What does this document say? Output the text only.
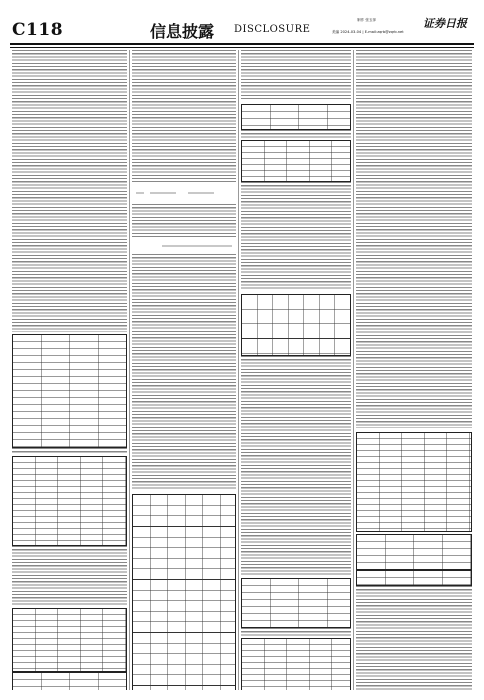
C118	信息披露 DISCLOSURE
制作 张玉萍
美编 2024-03-04 | E-mail:zqrb@zqrb.net
证券日报
